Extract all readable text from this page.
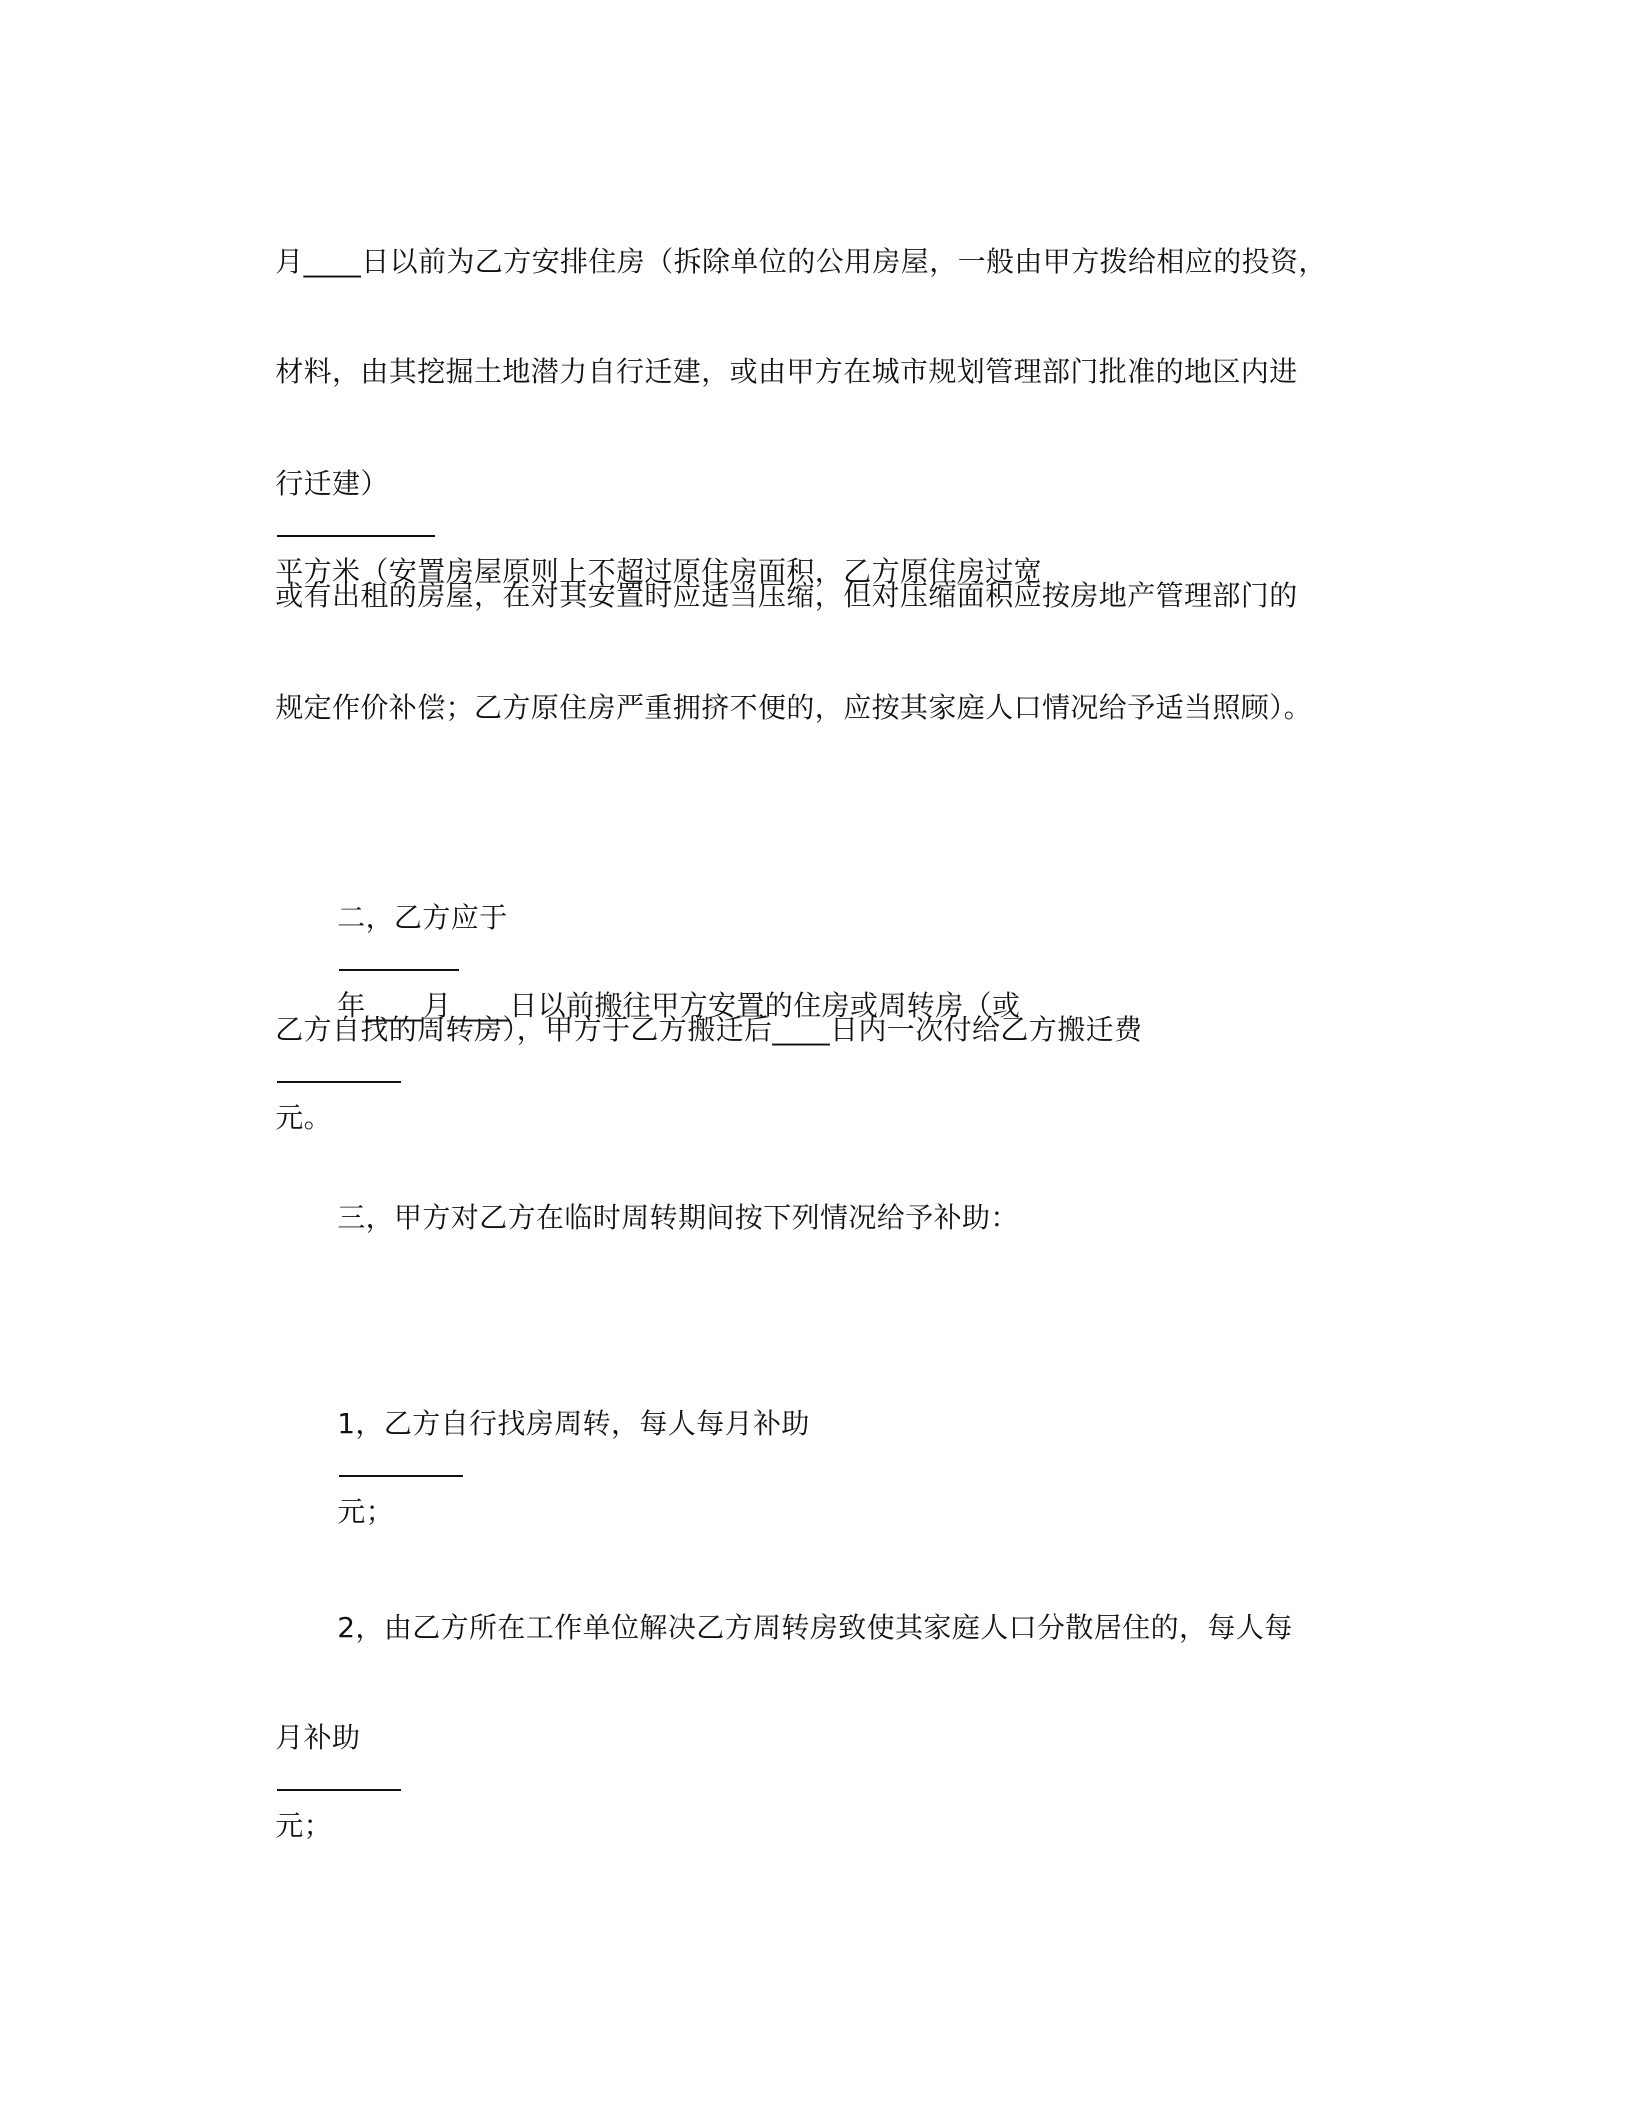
月____日以前为乙方安排住房（拆除单位的公用房屋，一般由甲方拨给相应的投资，

材料，由其挖掘土地潜力自行迁建，或由甲方在城市规划管理部门批准的地区内进

行迁建）

平方米（安置房屋原则上不超过原住房面积，乙方原住房过宽

或有出租的房屋，在对其安置时应适当压缩，但对压缩面积应按房地产管理部门的

规定作价补偿；乙方原住房严重拥挤不便的，应按其家庭人口情况给予适当照顾）。

二，乙方应于

年____月____日以前搬往甲方安置的住房或周转房（或

乙方自找的周转房），甲方于乙方搬迁后____日内一次付给乙方搬迁费

元。

三，甲方对乙方在临时周转期间按下列情况给予补助：

1，乙方自行找房周转，每人每月补助

元；

2，由乙方所在工作单位解决乙方周转房致使其家庭人口分散居住的，每人每

月补助

元；
